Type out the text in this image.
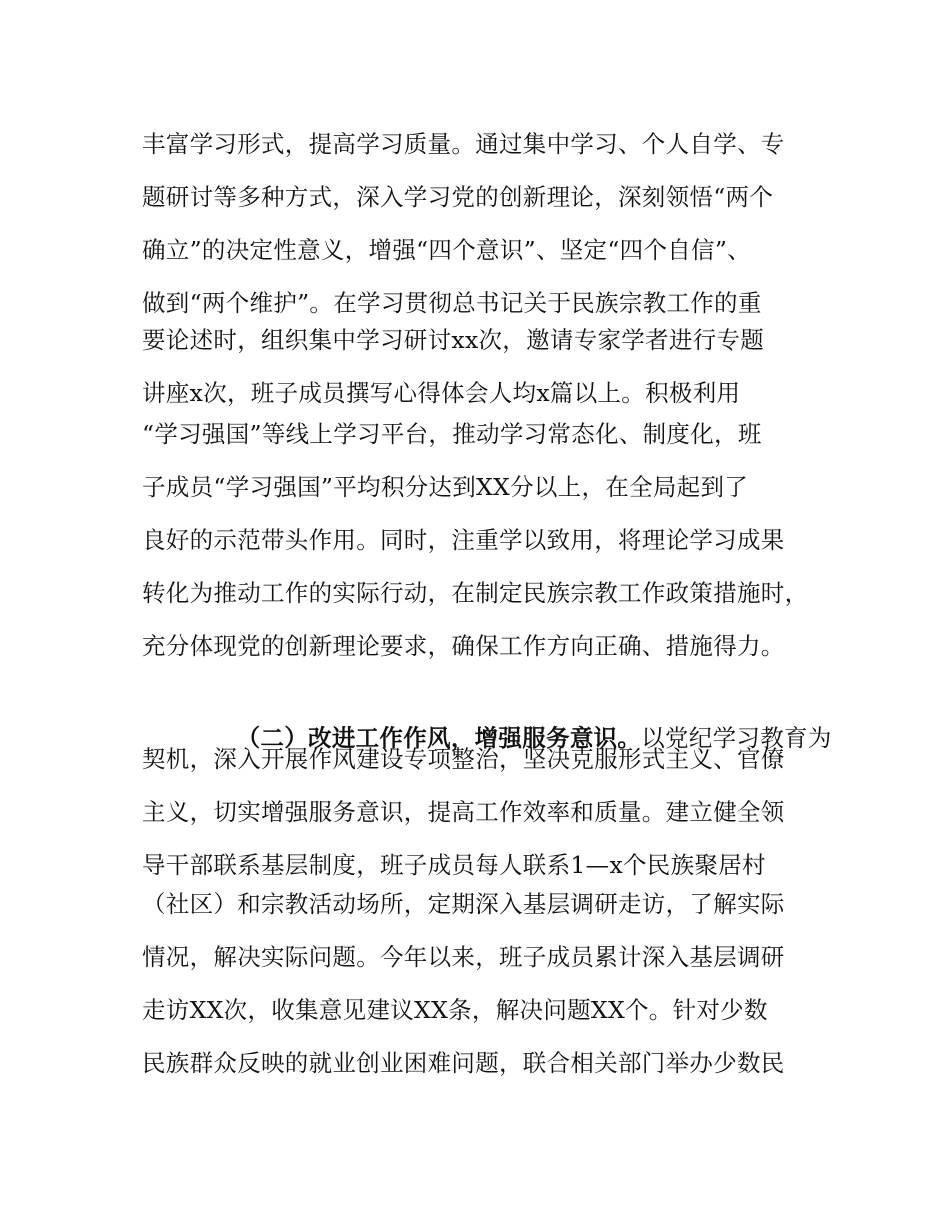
丰富学习形式，提高学习质量。通过集中学习、个人自学、专
题研讨等多种方式，深入学习党的创新理论，深刻领悟“两个
确立”的决定性意义，增强“四个意识”、坚定“四个自信”、
做到“两个维护”。在学习贯彻总书记关于民族宗教工作的重
要论述时，组织集中学习研讨xx次，邀请专家学者进行专题
讲座x次，班子成员撰写心得体会人均x篇以上。积极利用
“学习强国”等线上学习平台，推动学习常态化、制度化，班
子成员“学习强国”平均积分达到XX分以上，在全局起到了
良好的示范带头作用。同时，注重学以致用，将理论学习成果
转化为推动工作的实际行动，在制定民族宗教工作政策措施时，
充分体现党的创新理论要求，确保工作方向正确、措施得力。

（二）改进工作作风，增强服务意识。以党纪学习教育为

契机，深入开展作风建设专项整治，坚决克服形式主义、官僚
主义，切实增强服务意识，提高工作效率和质量。建立健全领
导干部联系基层制度，班子成员每人联系1—x个民族聚居村
（社区）和宗教活动场所，定期深入基层调研走访，了解实际
情况，解决实际问题。今年以来，班子成员累计深入基层调研
走访XX次，收集意见建议XX条，解决问题XX个。针对少数
民族群众反映的就业创业困难问题，联合相关部门举办少数民
